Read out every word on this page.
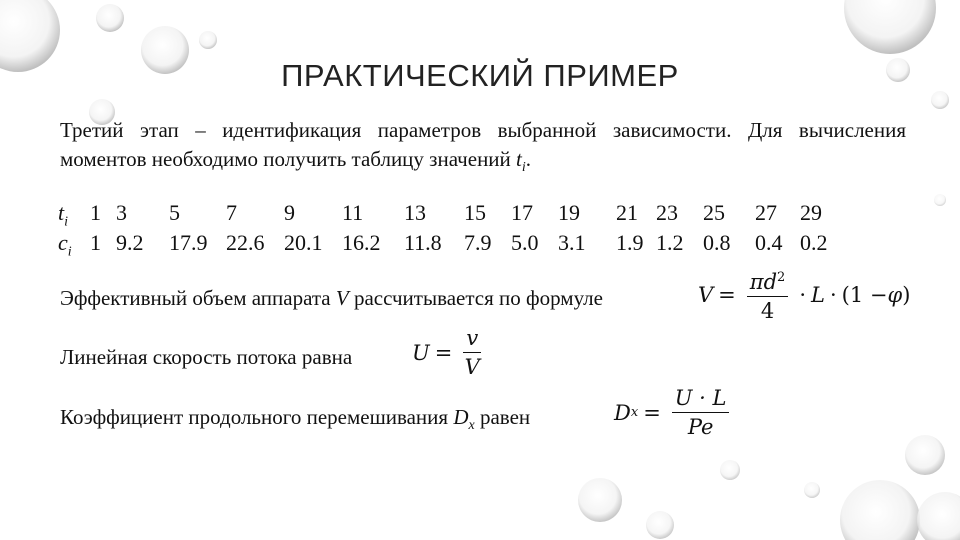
ПРАКТИЧЕСКИЙ ПРИМЕР
Третий этап – идентификация параметров выбранной зависимости. Для вычисления моментов необходимо получить таблицу значений $t_i$.
$t_i$ 1 3 5 7 9 11 13 15 17 19 21 23 25 27 29
$c_i$ 1 9.2 17.9 22.6 20.1 16.2 11.8 7.9 5.0 3.1 1.9 1.2 0.8 0.4 0.2
Эффективный объем аппарата V рассчитывается по формуле	$V = \frac{\pi d^2}{4} \cdot L \cdot (1 - \varphi$ )
Линейная скорость потока равна	$U = \frac{v}{V}$
Коэффициент продольного перемешивания $D_x$ равен	D $x = \frac{U \cdot L}{Pe}$
